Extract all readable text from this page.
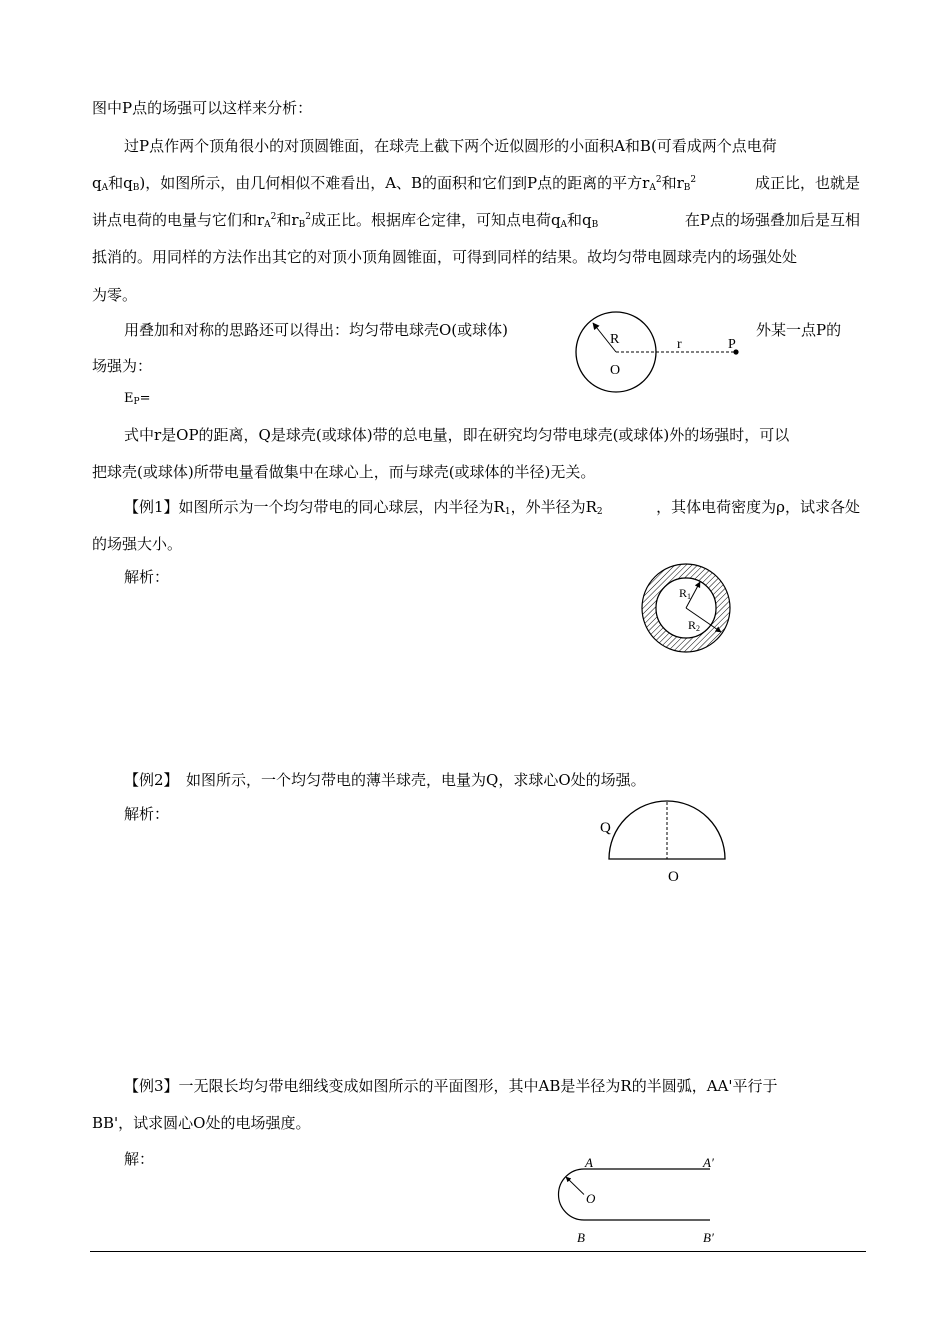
图中P点的场强可以这样来分析：
过P点作两个顶角很小的对顶圆锥面，在球壳上截下两个近似圆形的小面积A和B(可看成两个点电荷
$q_A$和$q_B$)，如图所示，由几何相似不难看出，A、B的面积和它们到P点的距离的平方$r_A^2$和$r_B^2$	成正比，也就是
讲点电荷的电量与它们和$r_A^2$和$r_B^2$成正比。根据库仑定律，可知点电荷$q_A$和$q_B$	在P点的场强叠加后是互相
抵消的。用同样的方法作出其它的对顶小顶角圆锥面，可得到同样的结果。故均匀带电圆球壳内的场强处处
为零。
用叠加和对称的思路还可以得出：均匀带电球壳O(或球体)	外某一点P的
场强为：
$E_P=$
R	r	P
O
式中r是OP的距离，Q是球壳(或球体)带的总电量，即在研究均匀带电球壳(或球体)外的场强时，可以
把球壳(或球体)所带电量看做集中在球心上，而与球壳(或球体的半径)无关。
【例1】如图所示为一个均匀带电的同心球层，内半径为$R_1$，外半径为$R_2$	，其体电荷密度为ρ，试求各处
的场强大小。
解析：
R1
R2
【例2】　如图所示，一个均匀带电的薄半球壳，电量为Q，求球心O处的场强。
解析：
Q
O
【例3】一无限长均匀带电细线变成如图所示的平面图形，其中AB是半径为R的半圆弧，AA'平行于
BB'，试求圆心O处的电场强度。
解：	A	A′
O
B	B′
